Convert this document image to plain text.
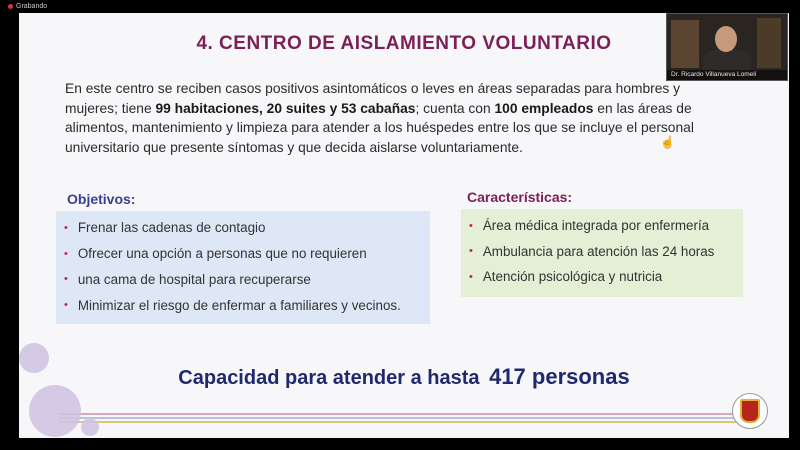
Grabando
4. CENTRO DE AISLAMIENTO VOLUNTARIO
En este centro se reciben casos positivos asintomáticos o leves en áreas separadas para hombres y mujeres; tiene 99 habitaciones, 20 suites y 53 cabañas; cuenta con 100 empleados en las áreas de alimentos, mantenimiento y limpieza para atender a los huéspedes entre los que se incluye el personal universitario que presente síntomas y que decida aislarse voluntariamente.
Objetivos:
• Frenar las cadenas de contagio
• Ofrecer una opción a personas que no requieren
• una cama de hospital para recuperarse
• Minimizar el riesgo de enfermar a familiares y vecinos.
Características:
• Área médica integrada por enfermería
• Ambulancia para atención las 24 horas
• Atención psicológica y nutricia
Capacidad para atender a hasta 417 personas
Dr. Ricardo Villanueva Lomelí
☝
